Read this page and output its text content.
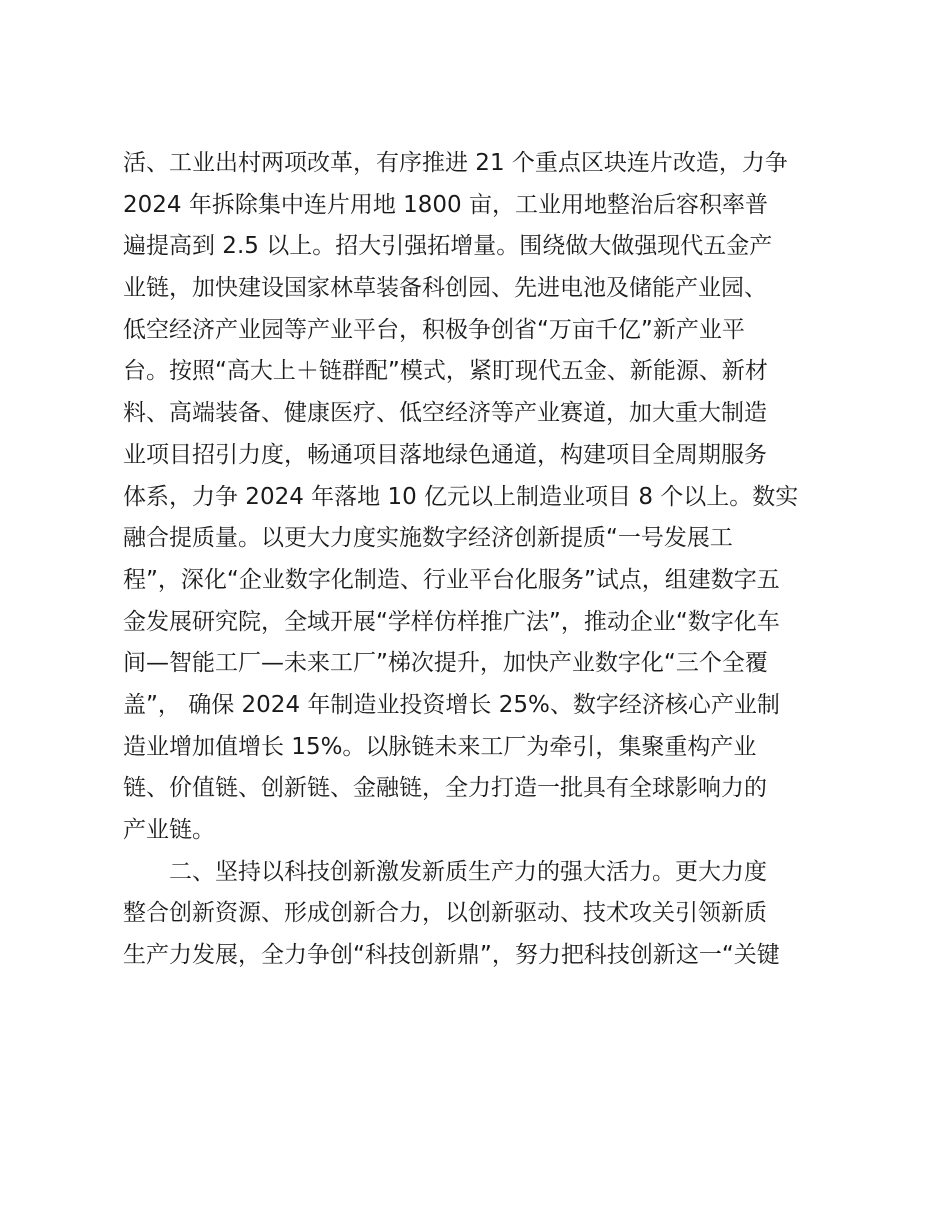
活、工业出村两项改革，有序推进 21 个重点区块连片改造，力争
2024 年拆除集中连片用地 1800 亩，工业用地整治后容积率普
遍提高到 2.5 以上。招大引强拓增量。围绕做大做强现代五金产
业链，加快建设国家林草装备科创园、先进电池及储能产业园、
低空经济产业园等产业平台，积极争创省“万亩千亿”新产业平
台。按照“高大上＋链群配”模式，紧盯现代五金、新能源、新材
料、高端装备、健康医疗、低空经济等产业赛道，加大重大制造
业项目招引力度，畅通项目落地绿色通道，构建项目全周期服务
体系，力争 2024 年落地 10 亿元以上制造业项目 8 个以上。数实
融合提质量。以更大力度实施数字经济创新提质“一号发展工
程”，深化“企业数字化制造、行业平台化服务”试点，组建数字五
金发展研究院，全域开展“学样仿样推广法”，推动企业“数字化车
间—智能工厂—未来工厂”梯次提升，加快产业数字化“三个全覆
盖”， 确保 2024 年制造业投资增长 25%、数字经济核心产业制
造业增加值增长 15%。以脉链未来工厂为牵引，集聚重构产业
链、价值链、创新链、金融链，全力打造一批具有全球影响力的
产业链。
二、坚持以科技创新激发新质生产力的强大活力。更大力度
整合创新资源、形成创新合力，以创新驱动、技术攻关引领新质
生产力发展，全力争创“科技创新鼎”，努力把科技创新这一“关键
